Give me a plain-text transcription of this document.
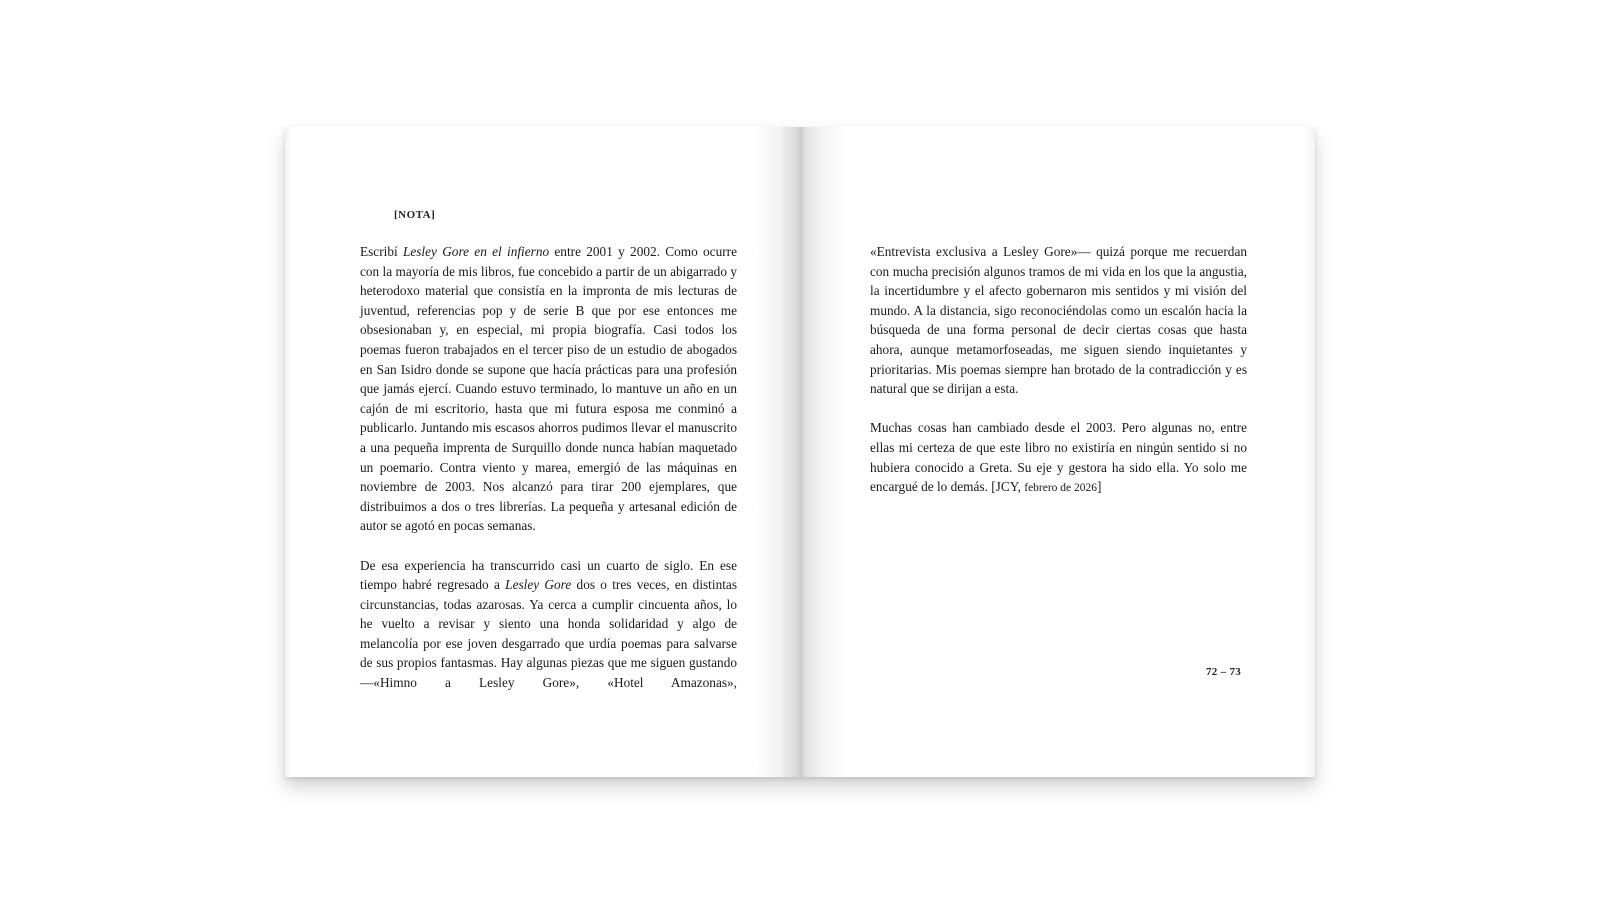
[NOTA]

Escribí Lesley Gore en el infierno entre 2001 y 2002. Como ocurre con la mayoría de mis libros, fue concebido a partir de un abigarrado y heterodoxo material que consistía en la impronta de mis lecturas de juventud, referencias pop y de serie B que por ese entonces me obsesionaban y, en especial, mi propia biografía. Casi todos los poemas fueron trabajados en el tercer piso de un estudio de abogados en San Isidro donde se supone que hacía prácticas para una profesión que jamás ejercí. Cuando estuvo terminado, lo mantuve un año en un cajón de mi escritorio, hasta que mi futura esposa me conminó a publicarlo. Juntando mis escasos ahorros pudimos llevar el manuscrito a una pequeña imprenta de Surquillo donde nunca habían maquetado un poemario. Contra viento y marea, emergió de las máquinas en noviembre de 2003. Nos alcanzó para tirar 200 ejemplares, que distribuimos a dos o tres librerías. La pequeña y artesanal edición de autor se agotó en pocas semanas.

De esa experiencia ha transcurrido casi un cuarto de siglo. En ese tiempo habré regresado a Lesley Gore dos o tres veces, en distintas circunstancias, todas azarosas. Ya cerca a cumplir cincuenta años, lo he vuelto a revisar y siento una honda solidaridad y algo de melancolía por ese joven desgarrado que urdía poemas para salvarse de sus propios fantasmas. Hay algunas piezas que me siguen gustando —«Himno a Lesley Gore», «Hotel Amazonas»,

«Entrevista exclusiva a Lesley Gore»— quizá porque me recuerdan con mucha precisión algunos tramos de mi vida en los que la angustia, la incertidumbre y el afecto gobernaron mis sentidos y mi visión del mundo. A la distancia, sigo reconociéndolas como un escalón hacia la búsqueda de una forma personal de decir ciertas cosas que hasta ahora, aunque metamorfoseadas, me siguen siendo inquietantes y prioritarias. Mis poemas siempre han brotado de la contradicción y es natural que se dirijan a esta.

Muchas cosas han cambiado desde el 2003. Pero algunas no, entre ellas mi certeza de que este libro no existiría en ningún sentido si no hubiera conocido a Greta. Su eje y gestora ha sido ella. Yo solo me encargué de lo demás. [JCY, febrero de 2026]

72 – 73
